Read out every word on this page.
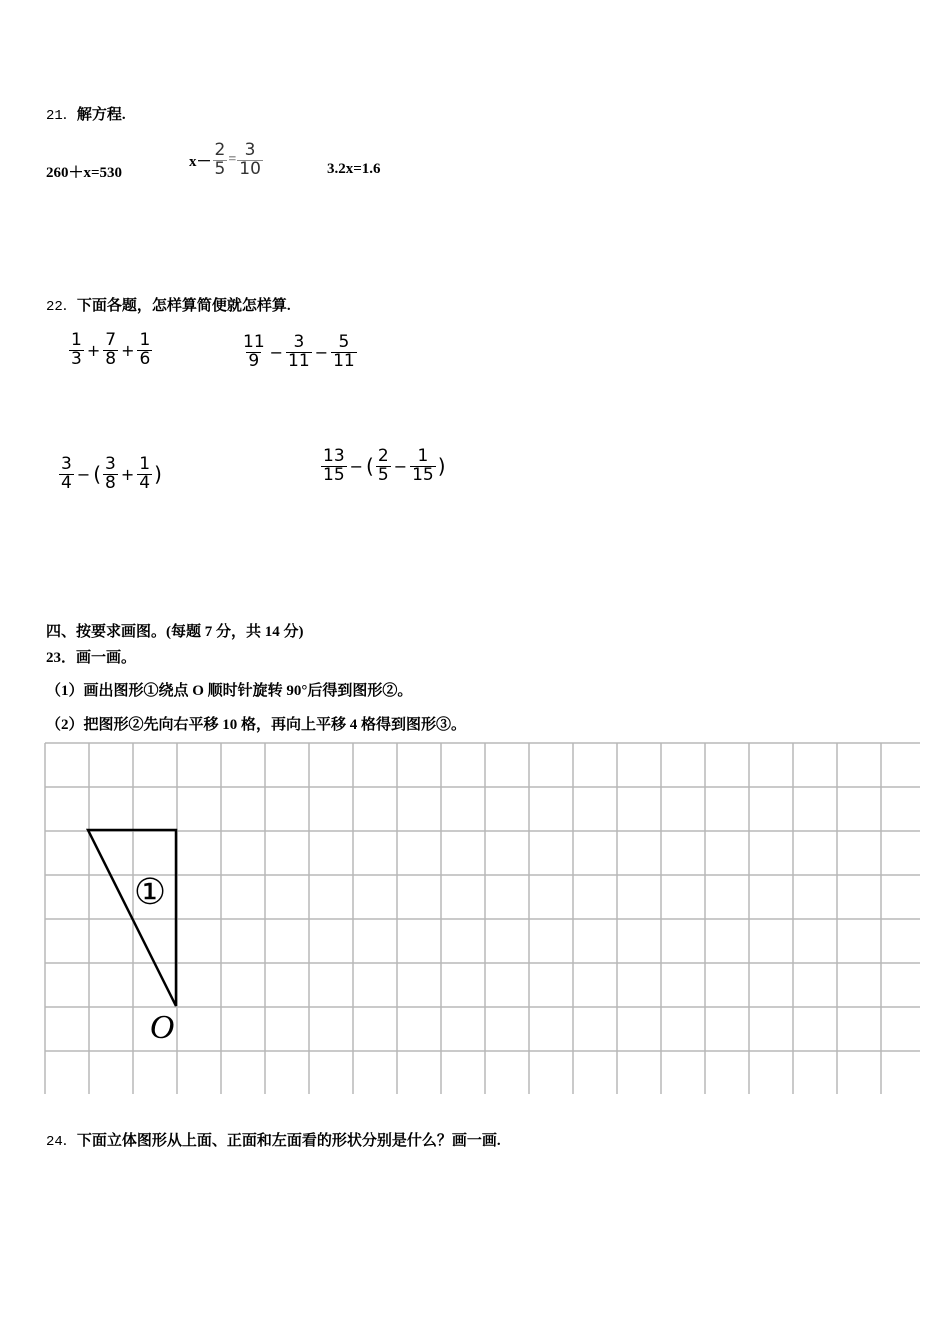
21．解方程.
260＋x=530
$x- \frac{2}{5} = \frac{3}{10}$	3.2x=1.6
22．下面各题，怎样算简便就怎样算.
$\frac{1}{3} + \frac{7}{8} + \frac{1}{6}$	$\frac{11}{9} - \frac{3}{11} - \frac{5}{11}$
$\frac{3}{4}$ − ( $\frac{3}{8} + \frac{1}{4}$ )	$\frac{13}{15}$ − ( $\frac{2}{5} - \frac{1}{15}$ )
四、按要求画图。(每题 7 分，共 14 分)
23．画一画。
（1）画出图形①绕点 O 顺时针旋转 90°后得到图形②。
（2）把图形②先向右平移 10 格，再向上平移 4 格得到图形③。
①
O
24．下面立体图形从上面、正面和左面看的形状分别是什么？画一画.
